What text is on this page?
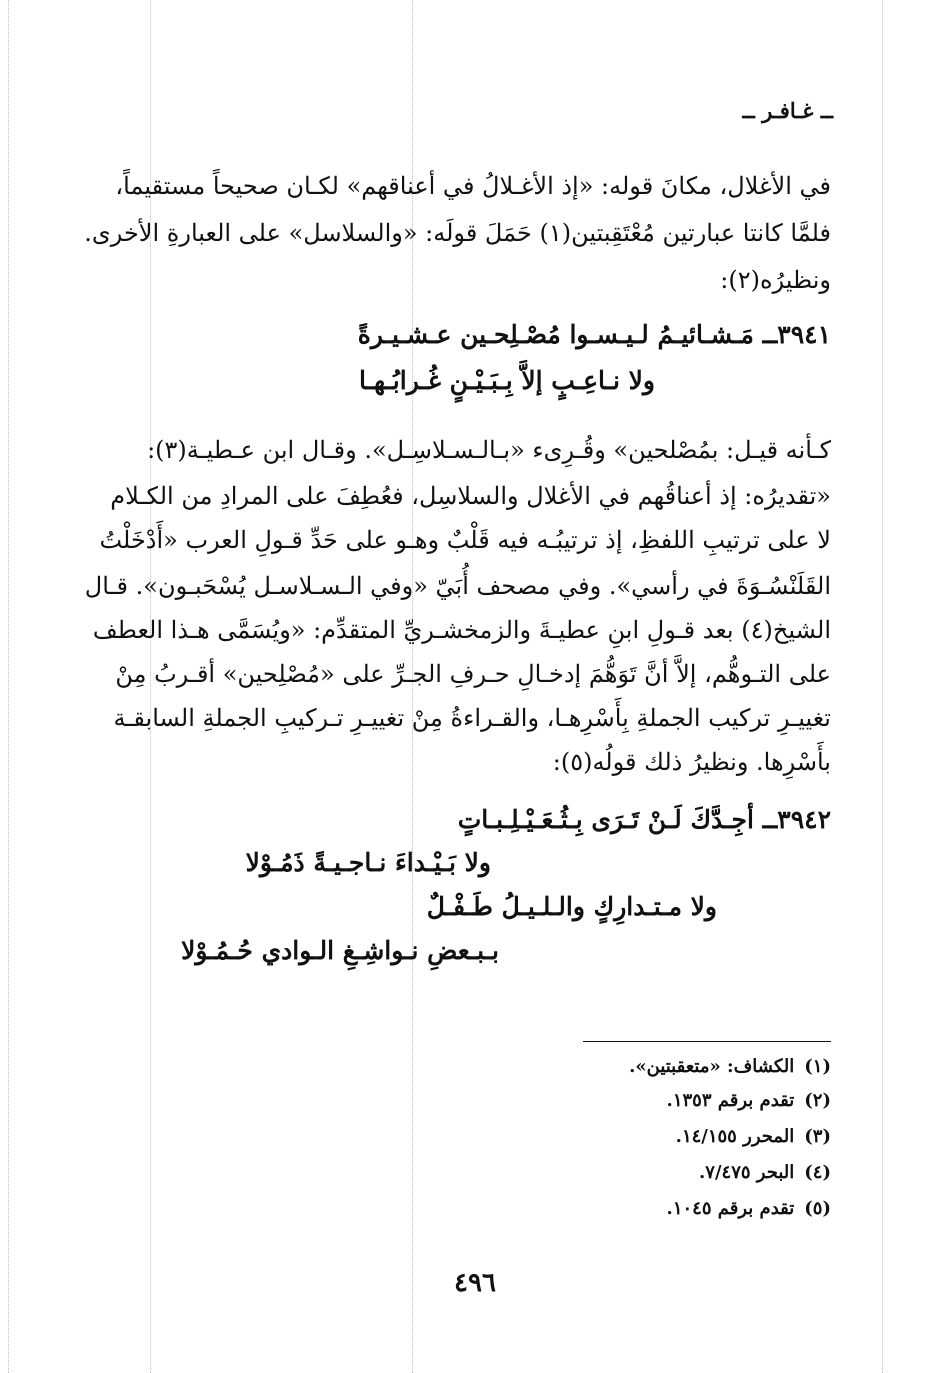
ــ غـافـر ــ
في الأغلال، مكانَ قوله: «إذ الأغـلالُ في أعناقهم» لكـان صحيحاً مستقيماً،
فلمَّا كانتا عبارتين مُعْتَقِبتين(١) حَمَلَ قولَه: «والسلاسل» على العبارةِ الأخرى.
ونظيرُه(٢):
٣٩٤١ــ مَـشـائيـمُ لـيـسـوا مُصْـلِحـين عـشـيـرةً
ولا نـاعِـبٍ إلاَّ بِـبَـيْـنٍ غُـرابُـهـا
كـأنه قيـل: بمُصْلحين» وقُـرِىء «بـالـسـلاسِـل». وقـال ابن عـطيـة(٣):
«تقديرُه: إذ أعناقُهم في الأغلال والسلاسِل، فعُطِفَ على المرادِ من الكـلام
لا على ترتيبِ اللفظِ، إذ ترتيبُـه فيه قَلْبٌ وهـو على حَدِّ قـولِ العرب «أَدْخَلْتُ
القَلَنْسُـوَةَ في رأسي». وفي مصحف أُبَيّ «وفي الـسـلاسـل يُسْحَبـون». قـال
الشيخ(٤) بعد قـولِ ابنِ عطيـةَ والزمخشـريِّ المتقدِّم: «ويُسَمَّى هـذا العطف
على التـوهُّم، إلاَّ أنَّ تَوَهُّمَ إدخـالِ حـرفِ الجـرِّ على «مُصْلِحين» أقـربُ مِنْ
تغييـرِ تركيب الجملةِ بِأَسْرِهـا، والقـراءةُ مِنْ تغييـرِ تـركيبِ الجملةِ السابقـة
بأَسْرِها. ونظيرُ ذلك قولُه(٥):
٣٩٤٢ــ أجِـدَّكَ لَـنْ تَـرَى بِـثُـعَـيْـلِـبـاتٍ
ولا بَـيْـداءَ نـاجـيـةً ذَمُـوْلا
ولا مـتـدارِكٍ والـلـيـلُ طَـفْـلٌ
بـبـعضِ نـواشِـغِ الـوادي حُـمُـوْلا
(١)الكشاف: «متعقبتين».
(٢)تقدم برقم ١٣٥٣.
(٣)المحرر ١٤/١٥٥.
(٤)البحر ٧/٤٧٥.
(٥)تقدم برقم ١٠٤٥.
٤٩٦
